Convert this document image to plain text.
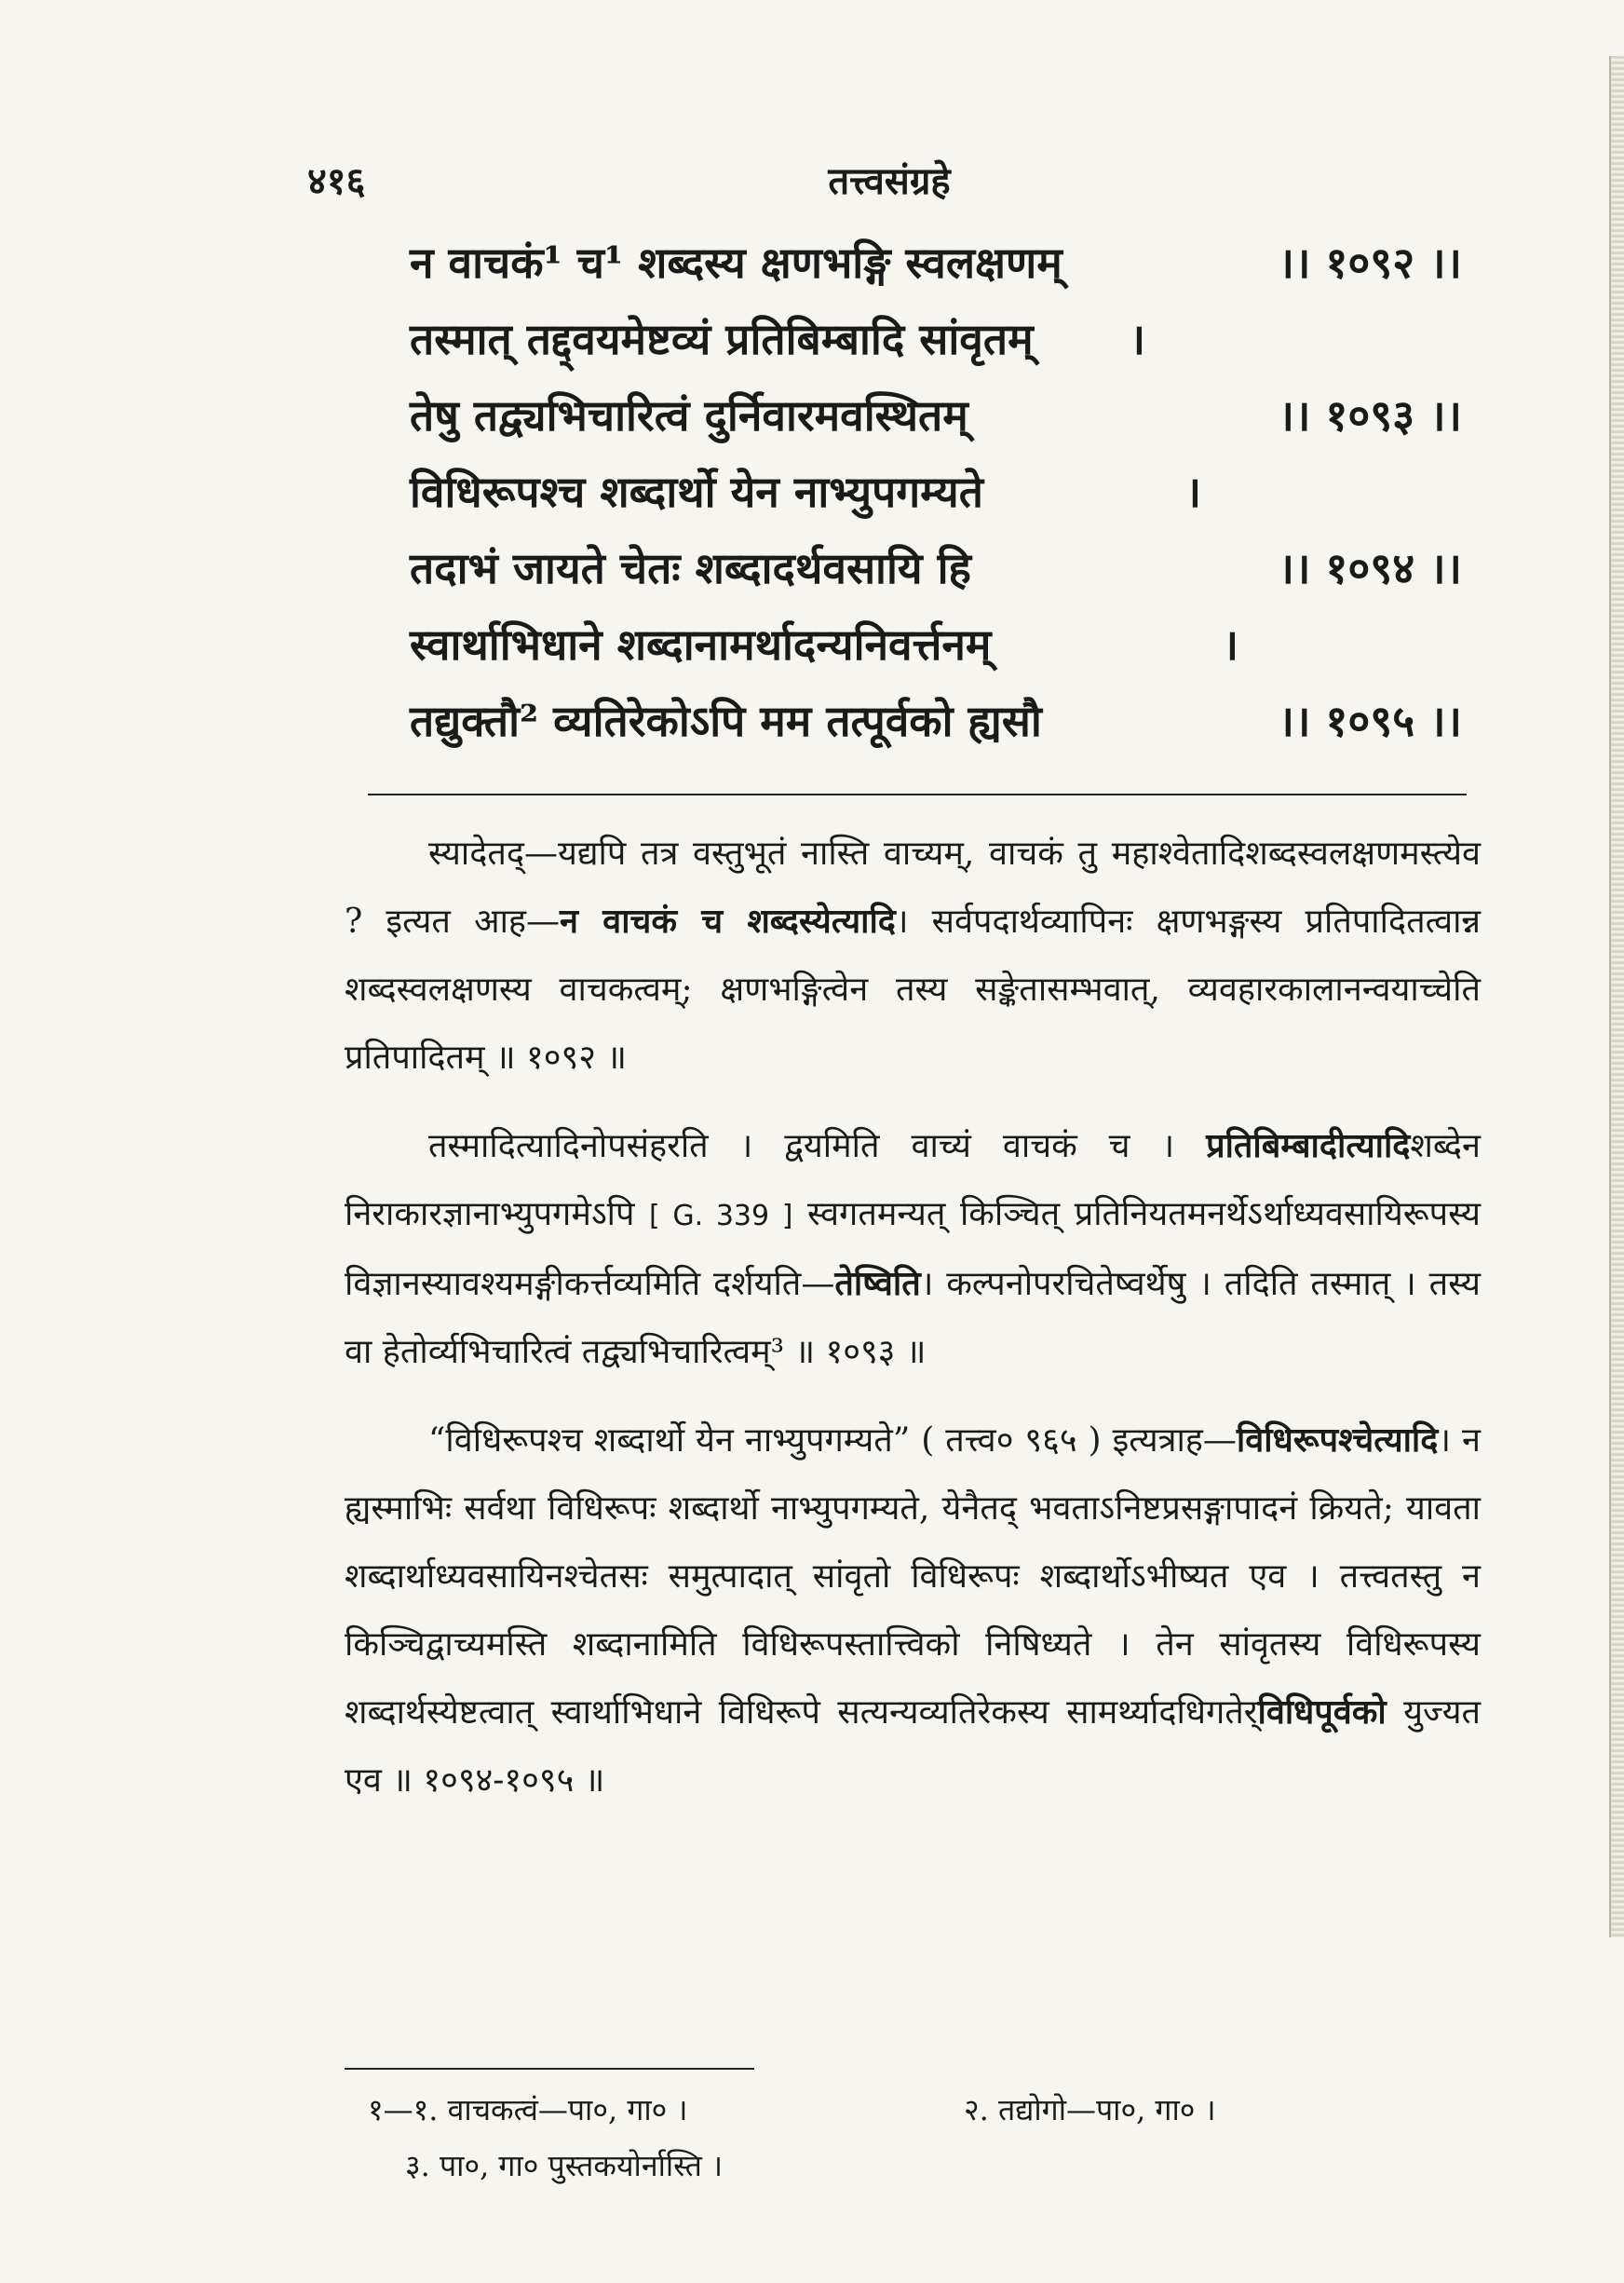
तत्त्वसंग्रहे
४१६
न वाचकं¹ च¹ शब्दस्य क्षणभङ्गि स्वलक्षणम्	।। १०९२ ।।
तस्मात् तद्द्वयमेष्टव्यं प्रतिबिम्बादि सांवृतम्	।
तेषु तद्व्यभिचारित्वं दुर्निवारमवस्थितम्	।। १०९३ ।।
विधिरूपश्च शब्दार्थो येन नाभ्युपगम्यते	।
तदाभं जायते चेतः शब्दादर्थवसायि हि	।। १०९४ ।।
स्वार्थाभिधाने शब्दानामर्थादन्यनिवर्त्तनम्	।
तद्युक्तौ² व्यतिरेकोऽपि मम तत्पूर्वको ह्यसौ	।। १०९५ ।।

स्यादेतद्—यद्यपि तत्र वस्तुभूतं नास्ति वाच्यम्, वाचकं तु महाश्वेतादिशब्दस्वलक्षणमस्त्येव ? इत्यत आह—न वाचकं च शब्दस्येत्यादि। सर्वपदार्थव्यापिनः क्षणभङ्गस्य प्रतिपादितत्वान्न शब्दस्वलक्षणस्य वाचकत्वम्; क्षणभङ्गित्वेन तस्य सङ्केतासम्भवात्, व्यवहारकालानन्वयाच्चेति प्रतिपादितम् ॥ १०९२ ॥

तस्मादित्यादिनोपसंहरति । द्वयमिति वाच्यं वाचकं च । प्रतिबिम्बादीत्यादिशब्देन निराकारज्ञानाभ्युपगमेऽपि [ G. 339 ] स्वगतमन्यत् किञ्चित् प्रतिनियतमनर्थेऽर्थाध्यवसायिरूपस्य विज्ञानस्यावश्यमङ्गीकर्त्तव्यमिति दर्शयति—तेष्विति। कल्पनोपरचितेष्वर्थेषु । तदिति तस्मात् । तस्य वा हेतोर्व्यभिचारित्वं तद्व्यभिचारित्वम्³ ॥ १०९३ ॥

“विधिरूपश्च शब्दार्थो येन नाभ्युपगम्यते” ( तत्त्व० ९६५ ) इत्यत्राह—विधिरूपश्चेत्यादि। न ह्यस्माभिः सर्वथा विधिरूपः शब्दार्थो नाभ्युपगम्यते, येनैतद् भवताऽनिष्टप्रसङ्गापादनं क्रियते; यावता शब्दार्थाध्यवसायिनश्चेतसः समुत्पादात् सांवृतो विधिरूपः शब्दार्थोऽभीष्यत एव । तत्त्वतस्तु न किञ्चिद्वाच्यमस्ति शब्दानामिति विधिरूपस्तात्त्विको निषिध्यते । तेन सांवृतस्य विधिरूपस्य शब्दार्थस्येष्टत्वात् स्वार्थाभिधाने विधिरूपे सत्यन्यव्यतिरेकस्य सामर्थ्यादधिगतेर्विधिपूर्वको युज्यत एव ॥ १०९४-१०९५ ॥

१—१. वाचकत्वं—पा०, गा० ।	२. तद्योगो—पा०, गा० ।
३. पा०, गा० पुस्तकयोर्नास्ति ।
